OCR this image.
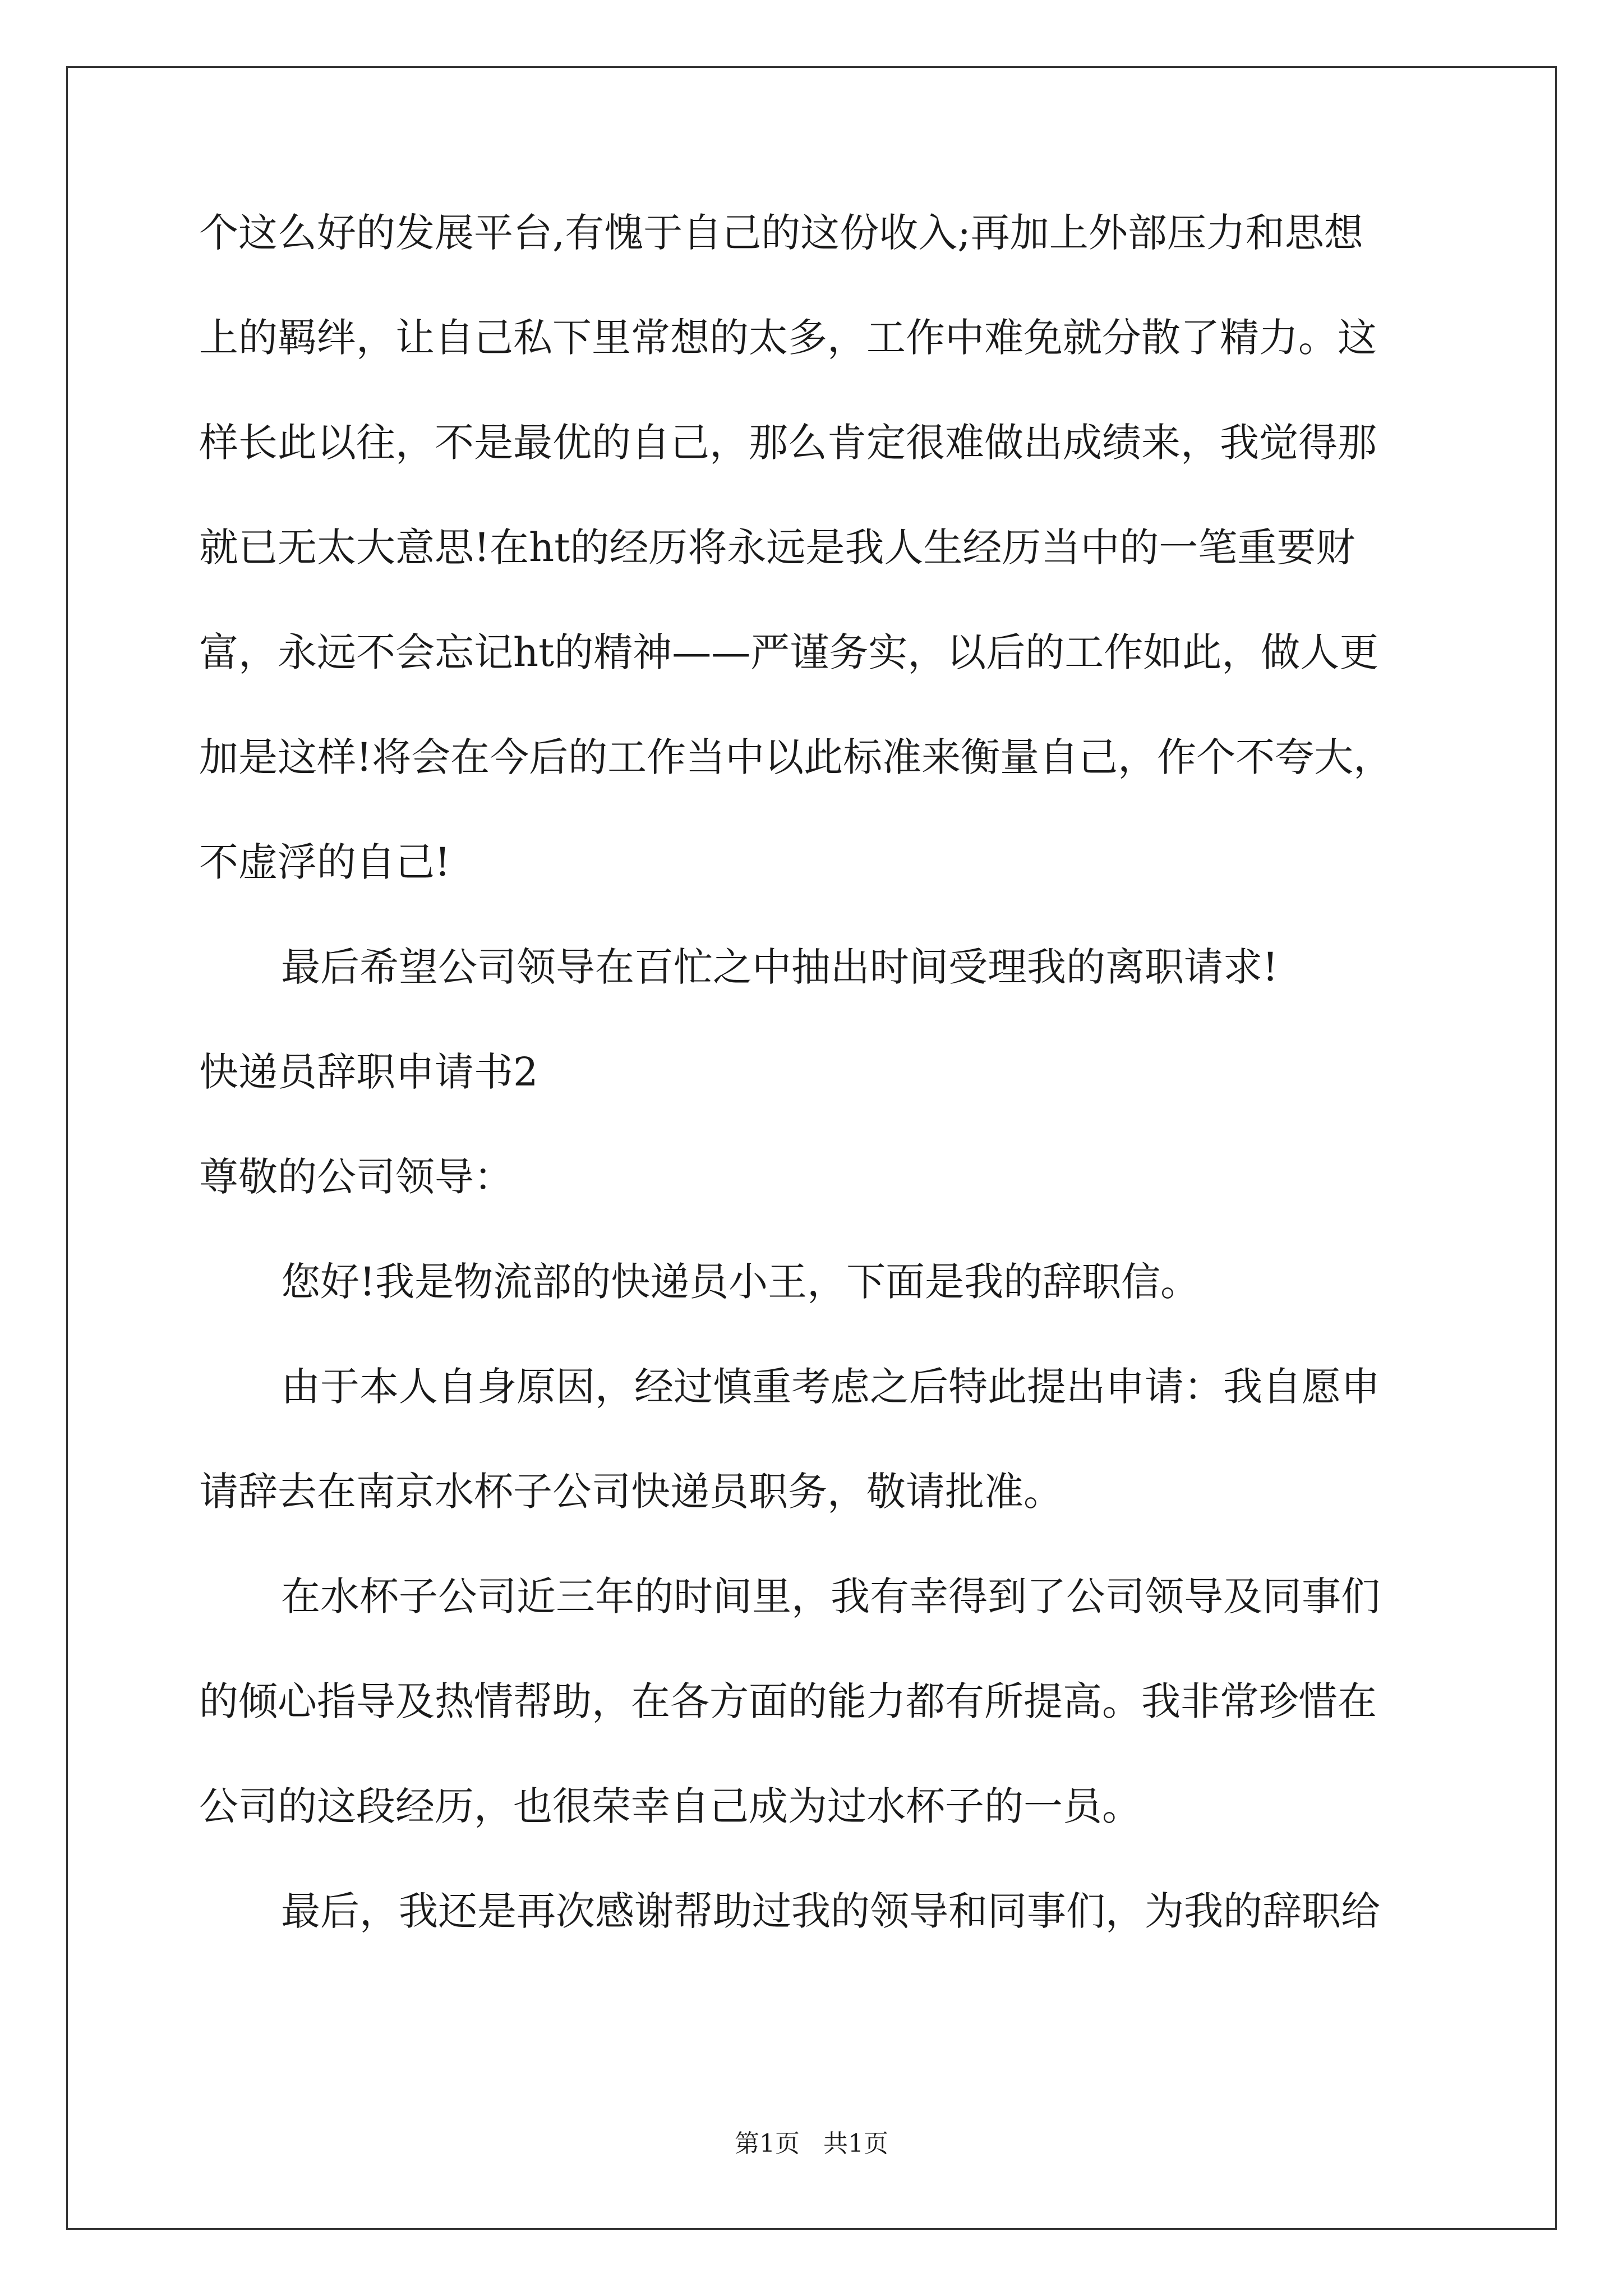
个这么好的发展平台,有愧于自己的这份收入;再加上外部压力和思想
上的羁绊，让自己私下里常想的太多，工作中难免就分散了精力。这
样长此以往，不是最优的自己，那么肯定很难做出成绩来，我觉得那
就已无太大意思!在ht的经历将永远是我人生经历当中的一笔重要财
富，永远不会忘记ht的精神——严谨务实，以后的工作如此，做人更
加是这样!将会在今后的工作当中以此标准来衡量自己，作个不夸大，
不虚浮的自己!
最后希望公司领导在百忙之中抽出时间受理我的离职请求!
快递员辞职申请书2
尊敬的公司领导：
您好!我是物流部的快递员小王，下面是我的辞职信。
由于本人自身原因，经过慎重考虑之后特此提出申请：我自愿申
请辞去在南京水杯子公司快递员职务，敬请批准。
在水杯子公司近三年的时间里，我有幸得到了公司领导及同事们
的倾心指导及热情帮助，在各方面的能力都有所提高。我非常珍惜在
公司的这段经历，也很荣幸自己成为过水杯子的一员。
最后，我还是再次感谢帮助过我的领导和同事们，为我的辞职给
第1页   共1页
